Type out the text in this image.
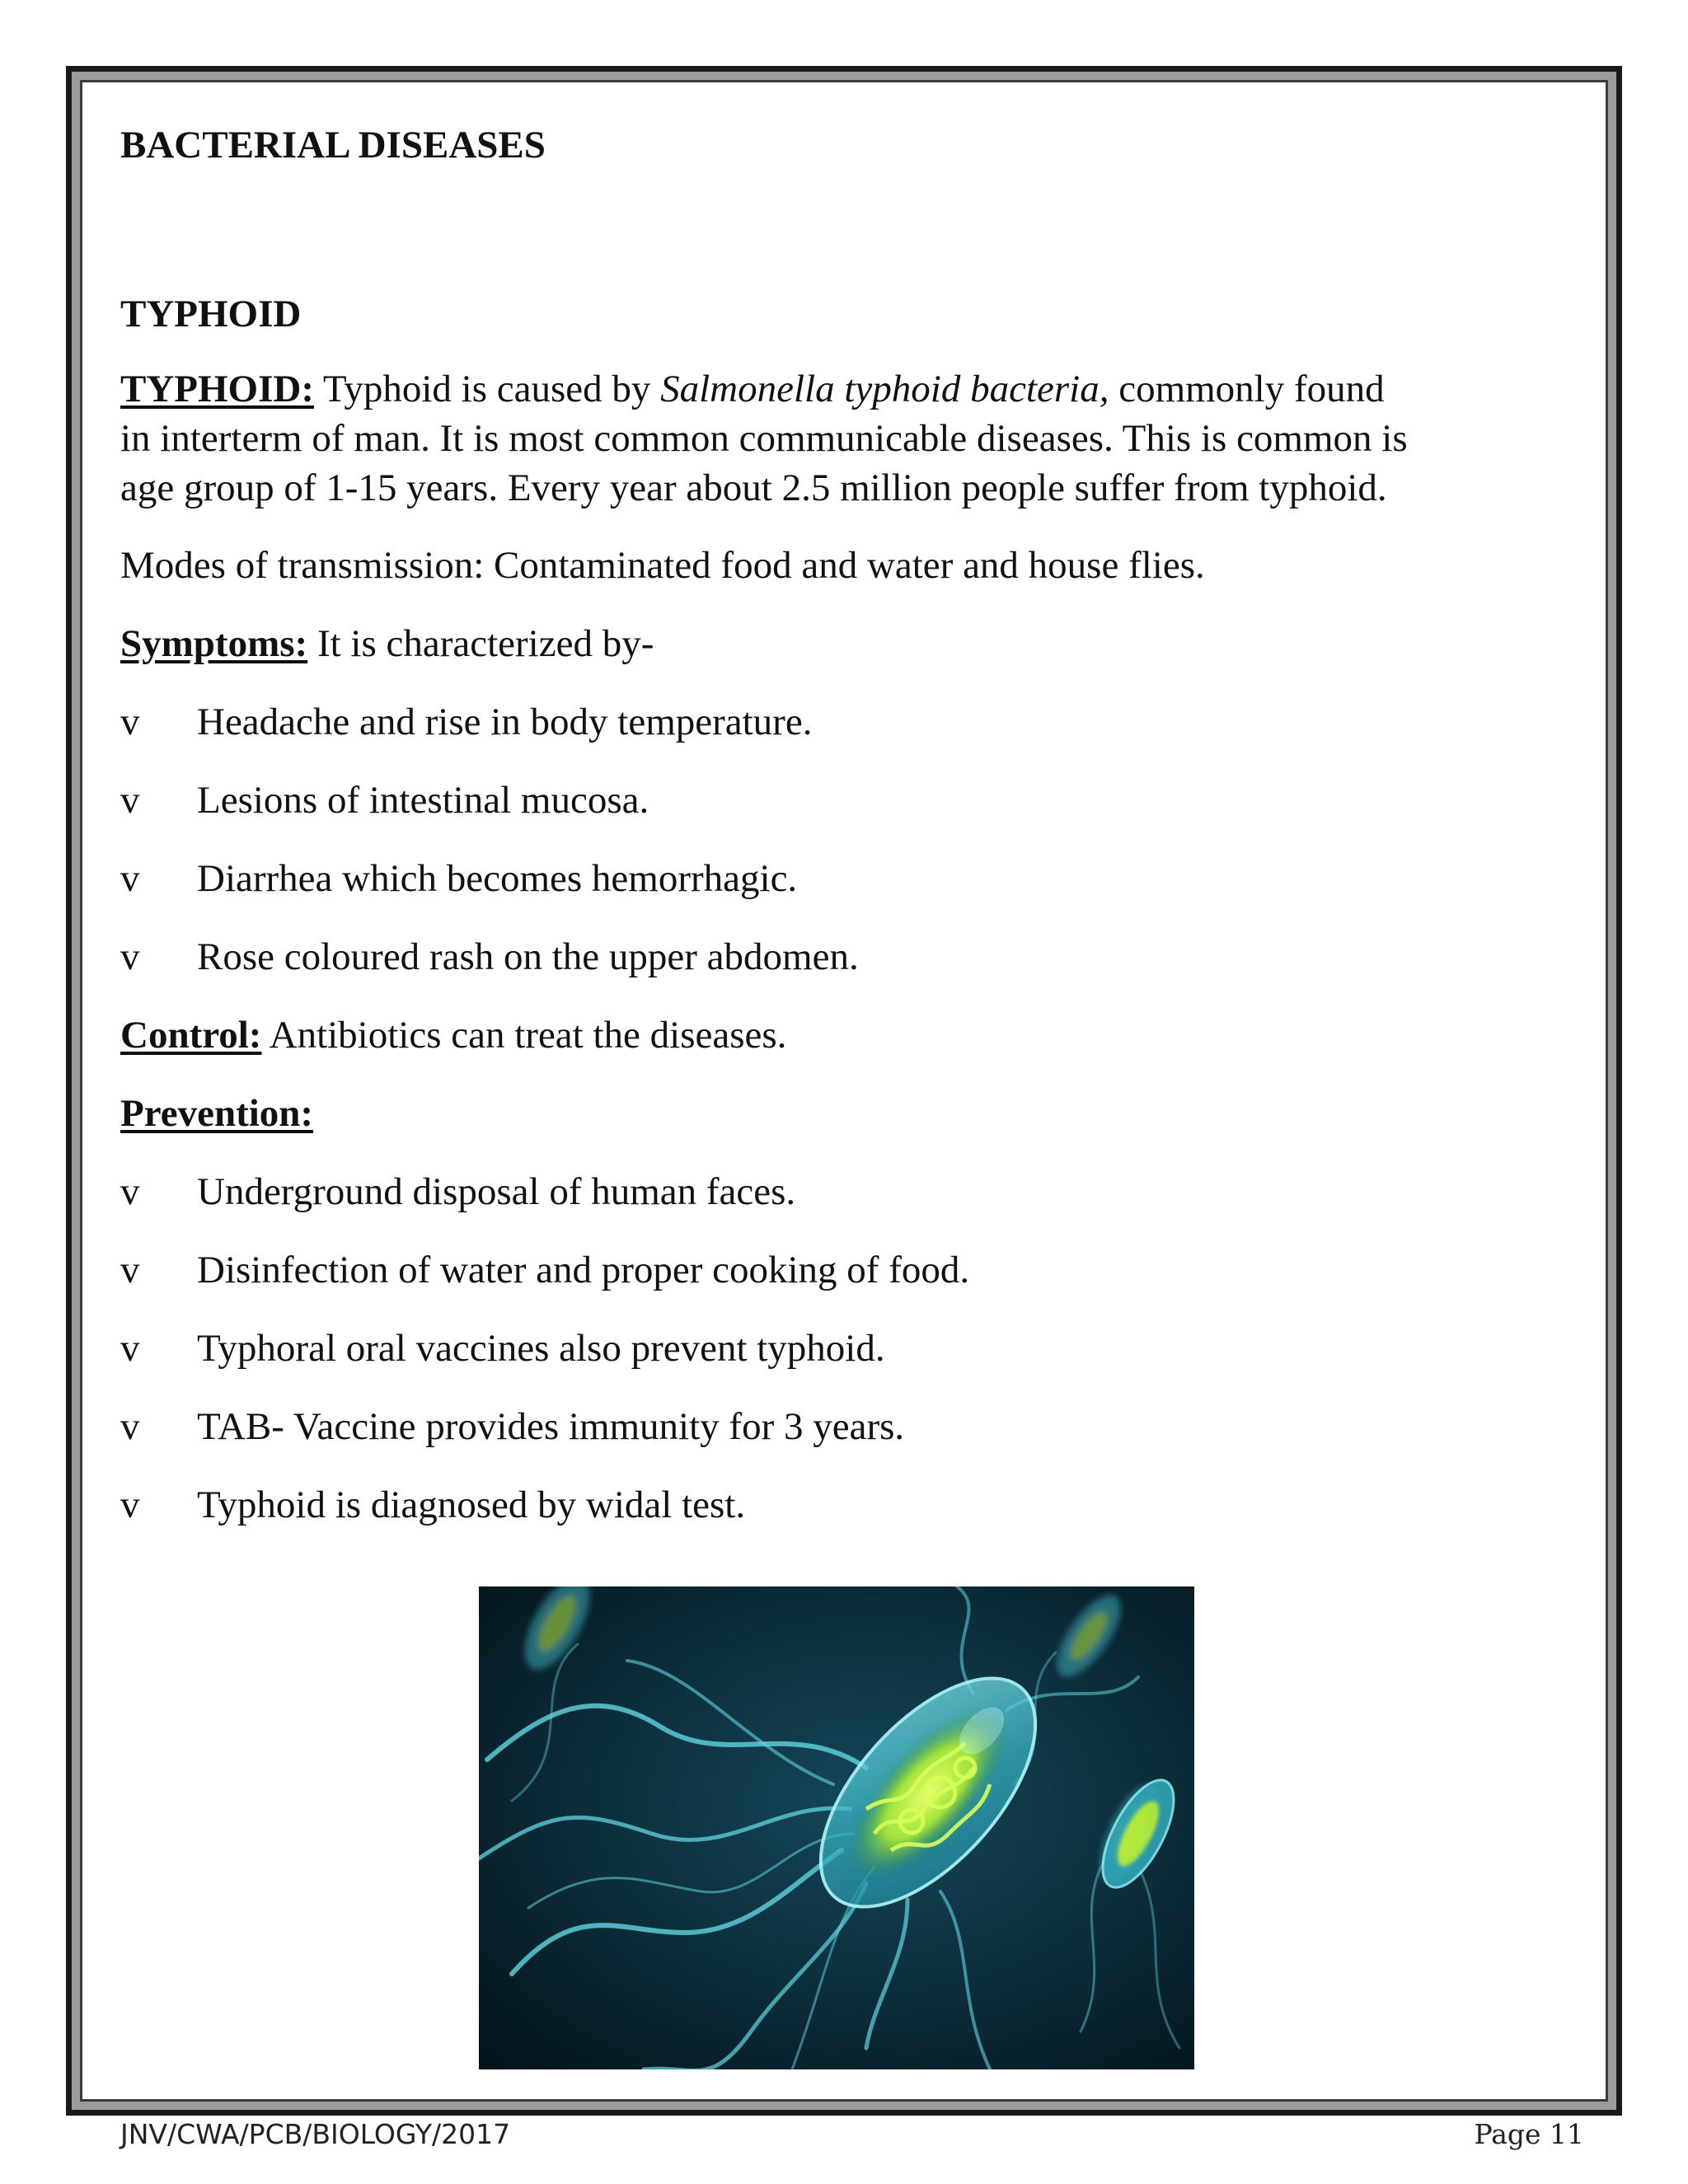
BACTERIAL DISEASES

TYPHOID

TYPHOID: Typhoid is caused by Salmonella typhoid bacteria, commonly found
in interterm of man. It is most common communicable diseases. This is common is
age group of 1-15 years. Every year about 2.5 million people suffer from typhoid.

Modes of transmission: Contaminated food and water and house flies.

Symptoms: It is characterized by-

v	Headache and rise in body temperature.
v	Lesions of intestinal mucosa.
v	Diarrhea which becomes hemorrhagic.
v	Rose coloured rash on the upper abdomen.

Control: Antibiotics can treat the diseases.

Prevention:

v	Underground disposal of human faces.
v	Disinfection of water and proper cooking of food.
v	Typhoral oral vaccines also prevent typhoid.
v	TAB- Vaccine provides immunity for 3 years.
v	Typhoid is diagnosed by widal test.
JNV/CWA/PCB/BIOLOGY/2017	Page 11
